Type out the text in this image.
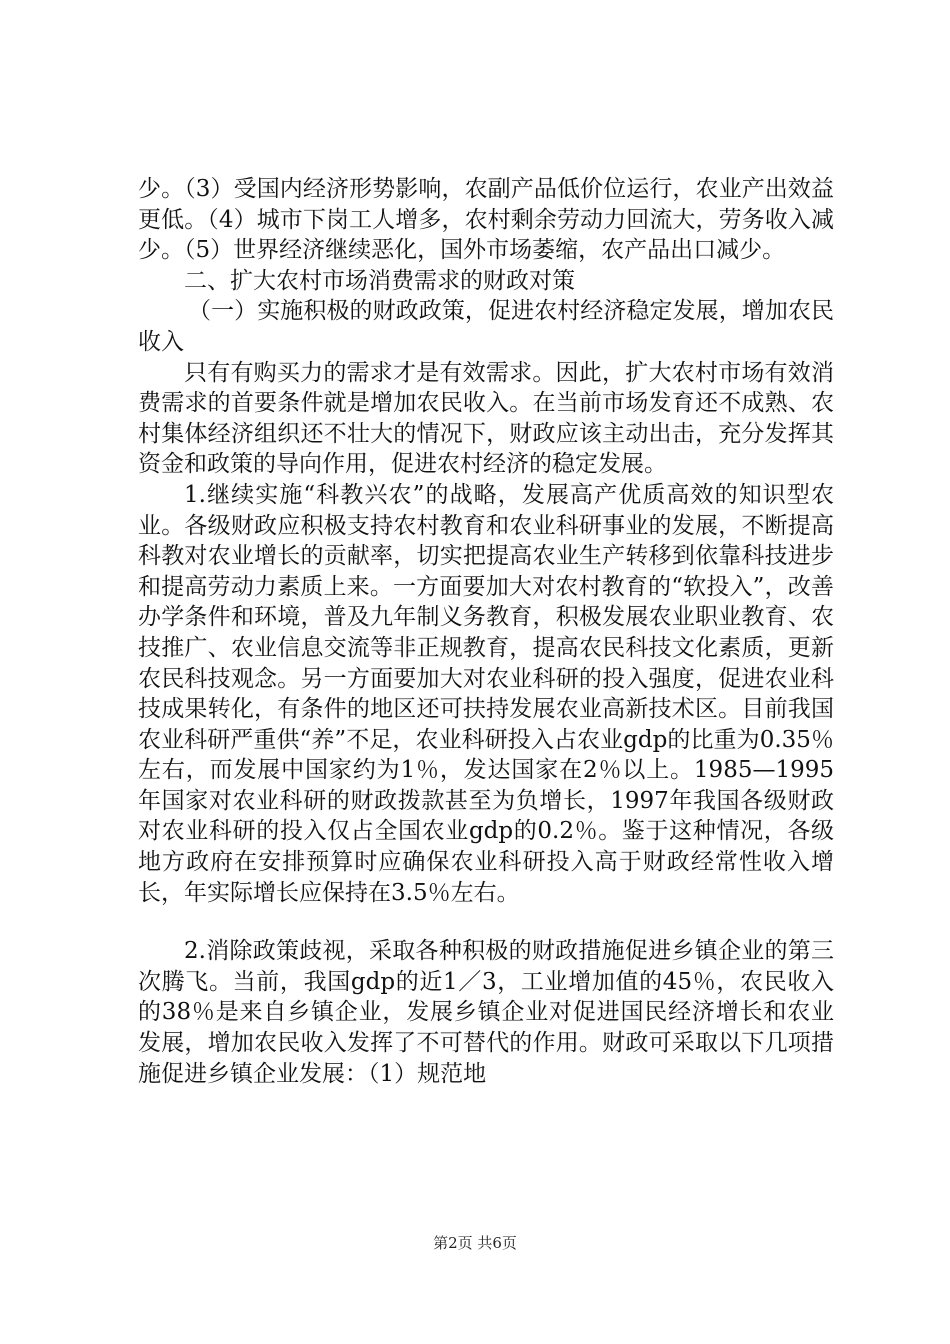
少。（3）受国内经济形势影响，农副产品低价位运行，农业产出效益更低。（4）城市下岗工人增多，农村剩余劳动力回流大，劳务收入减少。（5）世界经济继续恶化，国外市场萎缩，农产品出口减少。

二、扩大农村市场消费需求的财政对策

（一）实施积极的财政政策，促进农村经济稳定发展，增加农民收入

只有有购买力的需求才是有效需求。因此，扩大农村市场有效消费需求的首要条件就是增加农民收入。在当前市场发育还不成熟、农村集体经济组织还不壮大的情况下，财政应该主动出击，充分发挥其资金和政策的导向作用，促进农村经济的稳定发展。

1.继续实施“科教兴农”的战略，发展高产优质高效的知识型农业。各级财政应积极支持农村教育和农业科研事业的发展，不断提高科教对农业增长的贡献率，切实把提高农业生产转移到依靠科技进步和提高劳动力素质上来。一方面要加大对农村教育的“软投入”，改善办学条件和环境，普及九年制义务教育，积极发展农业职业教育、农技推广、农业信息交流等非正规教育，提高农民科技文化素质，更新农民科技观念。另一方面要加大对农业科研的投入强度，促进农业科技成果转化，有条件的地区还可扶持发展农业高新技术区。目前我国农业科研严重供“养”不足，农业科研投入占农业gdp的比重为0.35％左右，而发展中国家约为1％，发达国家在2％以上。1985—1995年国家对农业科研的财政拨款甚至为负增长，1997年我国各级财政对农业科研的投入仅占全国农业gdp的0.2％。鉴于这种情况，各级地方政府在安排预算时应确保农业科研投入高于财政经常性收入增长，年实际增长应保持在3.5％左右。

2.消除政策歧视，采取各种积极的财政措施促进乡镇企业的第三次腾飞。当前，我国gdp的近1／3，工业增加值的45％，农民收入的38％是来自乡镇企业，发展乡镇企业对促进国民经济增长和农业发展，增加农民收入发挥了不可替代的作用。财政可采取以下几项措施促进乡镇企业发展：（1）规范地

第2页 共6页
